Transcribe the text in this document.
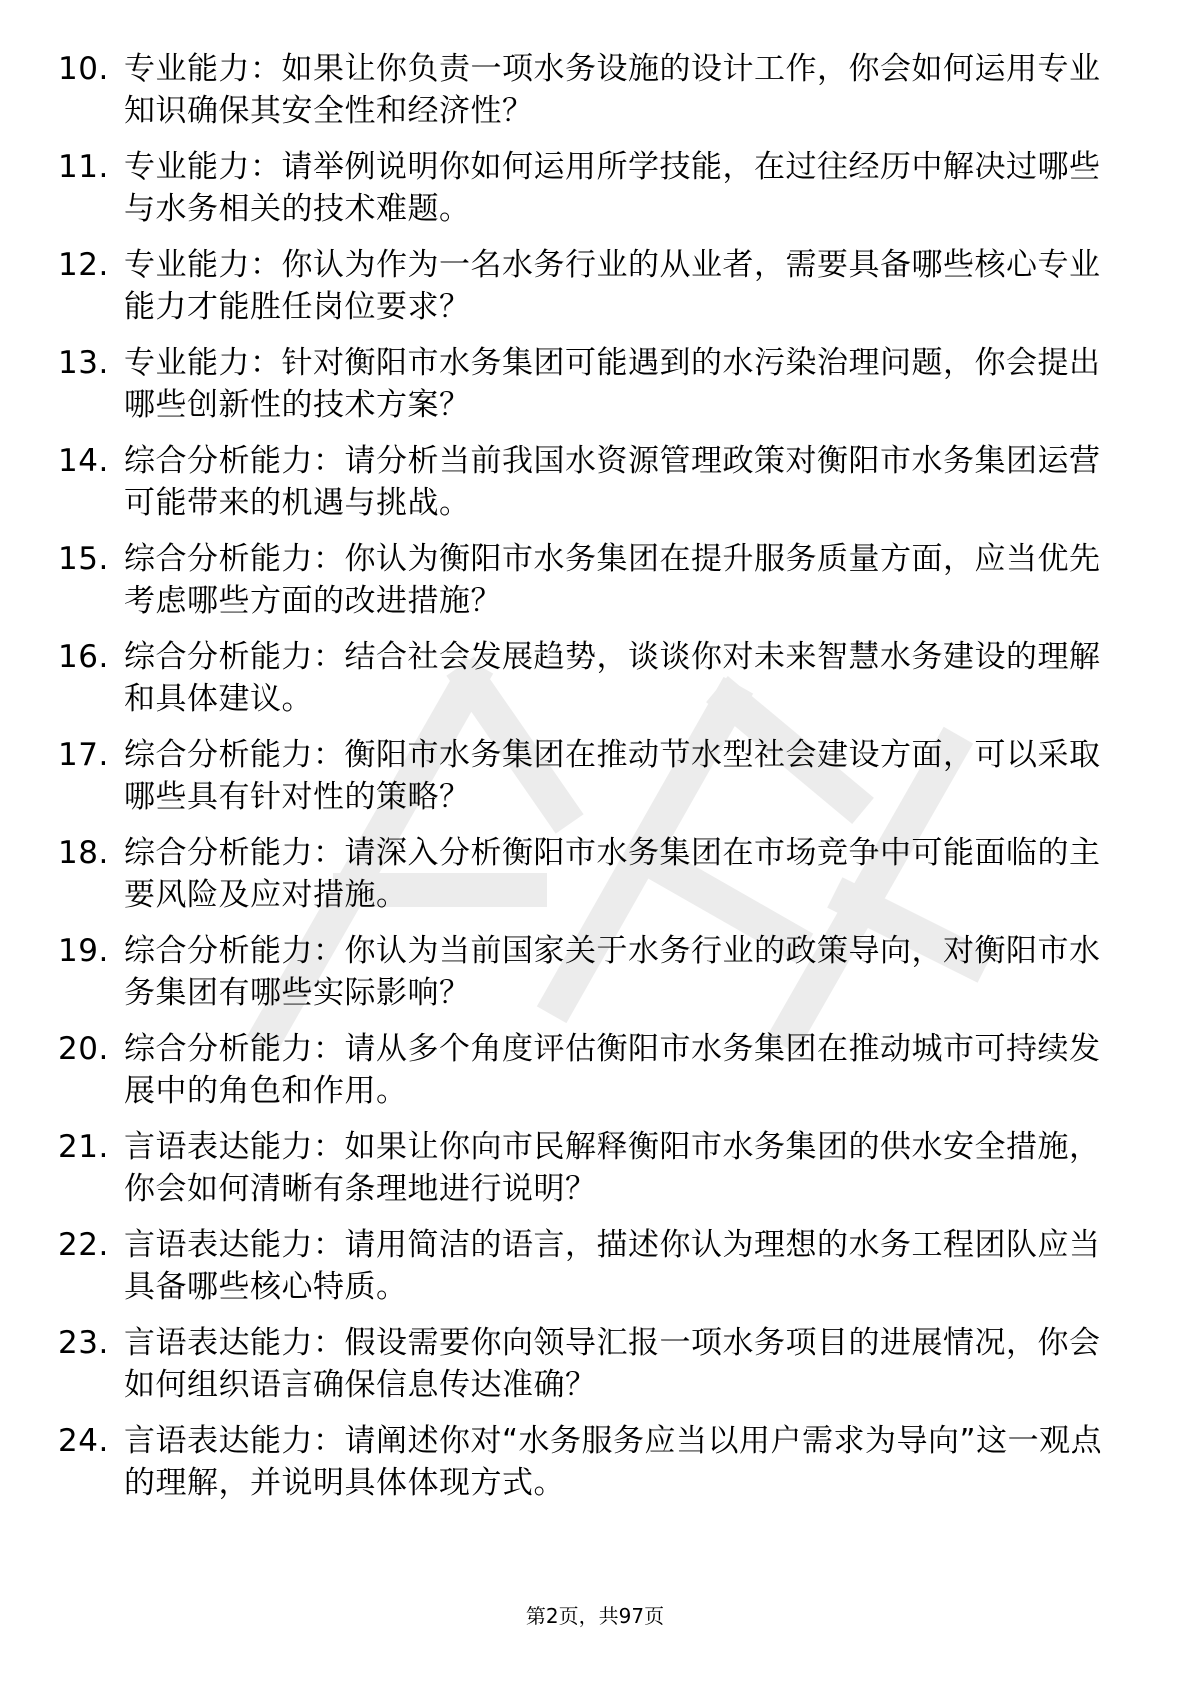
10. 专业能力：如果让你负责一项水务设施的设计工作，你会如何运用专业知识确保其安全性和经济性？
11. 专业能力：请举例说明你如何运用所学技能，在过往经历中解决过哪些与水务相关的技术难题。
12. 专业能力：你认为作为一名水务行业的从业者，需要具备哪些核心专业能力才能胜任岗位要求？
13. 专业能力：针对衡阳市水务集团可能遇到的水污染治理问题，你会提出哪些创新性的技术方案？
14. 综合分析能力：请分析当前我国水资源管理政策对衡阳市水务集团运营可能带来的机遇与挑战。
15. 综合分析能力：你认为衡阳市水务集团在提升服务质量方面，应当优先考虑哪些方面的改进措施？
16. 综合分析能力：结合社会发展趋势，谈谈你对未来智慧水务建设的理解和具体建议。
17. 综合分析能力：衡阳市水务集团在推动节水型社会建设方面，可以采取哪些具有针对性的策略？
18. 综合分析能力：请深入分析衡阳市水务集团在市场竞争中可能面临的主要风险及应对措施。
19. 综合分析能力：你认为当前国家关于水务行业的政策导向，对衡阳市水务集团有哪些实际影响？
20. 综合分析能力：请从多个角度评估衡阳市水务集团在推动城市可持续发展中的角色和作用。
21. 言语表达能力：如果让你向市民解释衡阳市水务集团的供水安全措施，你会如何清晰有条理地进行说明？
22. 言语表达能力：请用简洁的语言，描述你认为理想的水务工程团队应当具备哪些核心特质。
23. 言语表达能力：假设需要你向领导汇报一项水务项目的进展情况，你会如何组织语言确保信息传达准确？
24. 言语表达能力：请阐述你对“水务服务应当以用户需求为导向”这一观点的理解，并说明具体体现方式。
第2页，共97页
